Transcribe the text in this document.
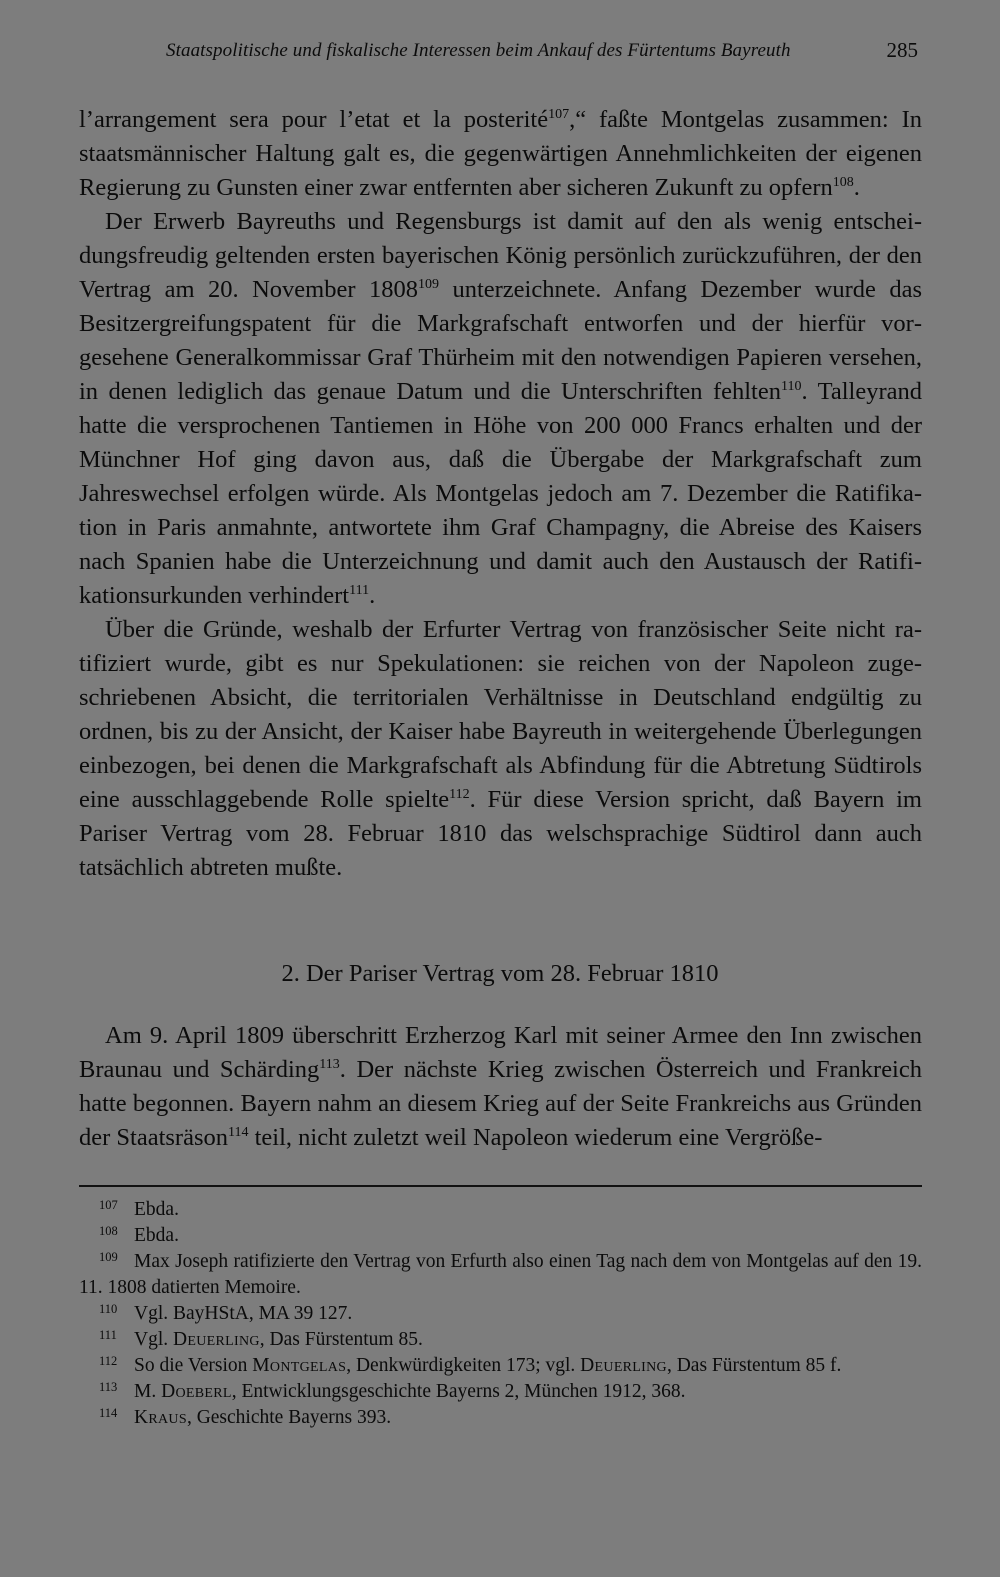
Staatspolitische und fiskalische Interessen beim Ankauf des Fürtentums Bayreuth	285

l’arrangement sera pour l’etat et la posterité$^{107}$,“ faßte Montgelas zusammen: In staatsmännischer Haltung galt es, die gegenwärtigen Annehmlichkeiten der eigenen Regierung zu Gunsten einer zwar entfernten aber sicheren Zukunft zu opfern$^{108}$.

Der Erwerb Bayreuths und Regensburgs ist damit auf den als wenig entscheidungsfreudig geltenden ersten bayerischen König persönlich zurückzuführen, der den Vertrag am 20. November 1808$^{109}$ unterzeichnete. Anfang Dezember wurde das Besitzergreifungspatent für die Markgrafschaft entworfen und der hierfür vorgesehene Generalkommissar Graf Thürheim mit den notwendigen Papieren versehen, in denen lediglich das genaue Datum und die Unterschriften fehlten$^{110}$. Talleyrand hatte die versprochenen Tantiemen in Höhe von 200 000 Francs erhalten und der Münchner Hof ging davon aus, daß die Übergabe der Markgrafschaft zum Jahreswechsel erfolgen würde. Als Montgelas jedoch am 7. Dezember die Ratifikation in Paris anmahnte, antwortete ihm Graf Champagny, die Abreise des Kaisers nach Spanien habe die Unterzeichnung und damit auch den Austausch der Ratifikationsurkunden verhindert$^{111}$.

Über die Gründe, weshalb der Erfurter Vertrag von französischer Seite nicht ratifiziert wurde, gibt es nur Spekulationen: sie reichen von der Napoleon zugeschriebenen Absicht, die territorialen Verhältnisse in Deutschland endgültig zu ordnen, bis zu der Ansicht, der Kaiser habe Bayreuth in weitergehende Überlegungen einbezogen, bei denen die Markgrafschaft als Abfindung für die Abtretung Südtirols eine ausschlaggebende Rolle spielte$^{112}$. Für diese Version spricht, daß Bayern im Pariser Vertrag vom 28. Februar 1810 das welschsprachige Südtirol dann auch tatsächlich abtreten mußte.

2. Der Pariser Vertrag vom 28. Februar 1810

Am 9. April 1809 überschritt Erzherzog Karl mit seiner Armee den Inn zwischen Braunau und Schärding$^{113}$. Der nächste Krieg zwischen Österreich und Frankreich hatte begonnen. Bayern nahm an diesem Krieg auf der Seite Frankreichs aus Gründen der Staatsräson$^{114}$ teil, nicht zuletzt weil Napoleon wiederum eine Vergröße-

107 Ebda.

108 Ebda.

109 Max Joseph ratifizierte den Vertrag von Erfurth also einen Tag nach dem von Montgelas auf den 19. 11. 1808 datierten Memoire.

110 Vgl. BayHStA, MA 39 127.

111 Vgl. Deuerling, Das Fürstentum 85.

112 So die Version Montgelas, Denkwürdigkeiten 173; vgl. Deuerling, Das Fürstentum 85 f.

113 M. Doeberl, Entwicklungsgeschichte Bayerns 2, München 1912, 368.

114 Kraus, Geschichte Bayerns 393.
